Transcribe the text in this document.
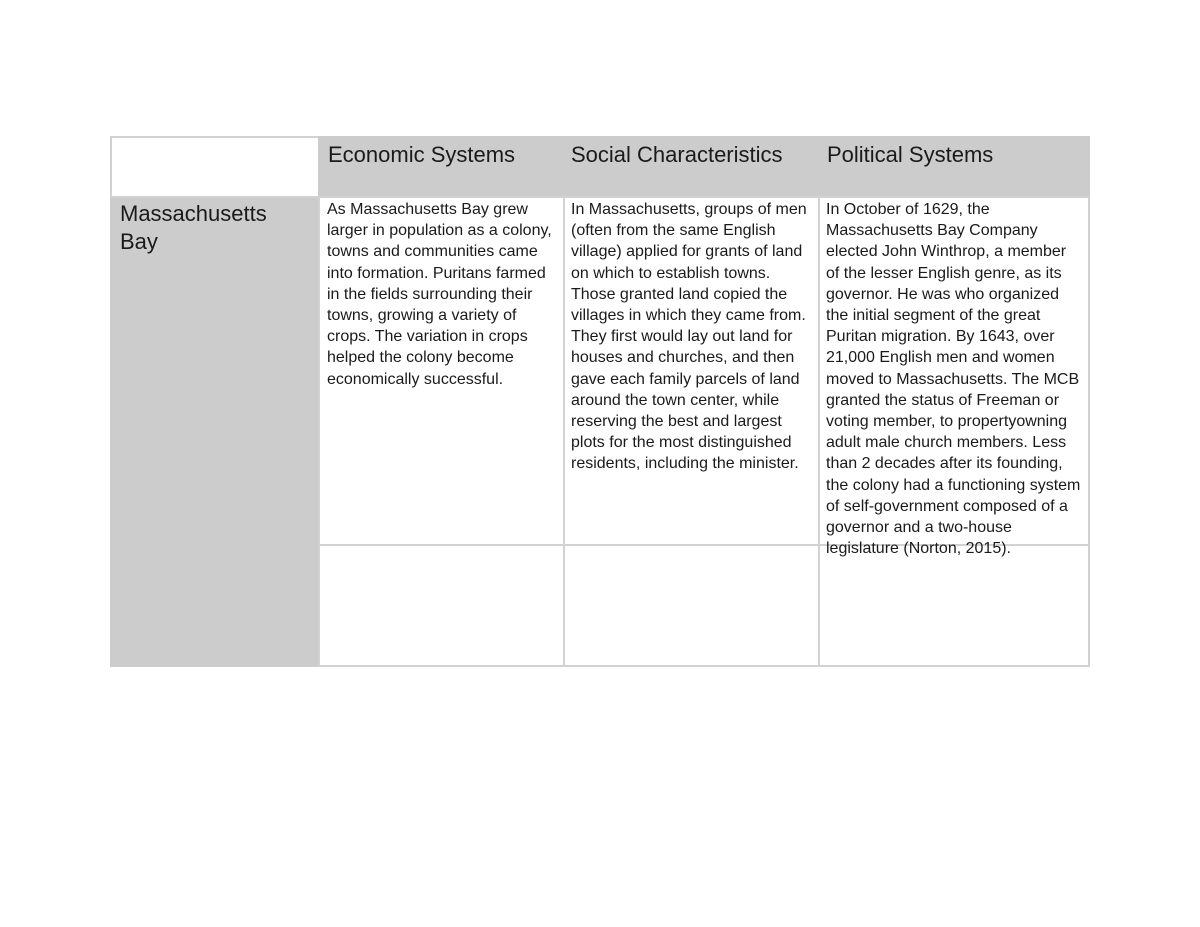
Economic Systems	Social Characteristics Political Systems
Massachusetts Bay
As Massachusetts Bay grew larger in population as a colony, towns and communities came into formation. Puritans farmed in the fields surrounding their towns, growing a variety of crops. The variation in crops helped the colony become economically successful.
In Massachusetts, groups of men (often from the same English village) applied for grants of land on which to establish towns. Those granted land copied the villages in which they came from. They first would lay out land for houses and churches, and then gave each family parcels of land around the town center, while reserving the best and largest plots for the most distinguished residents, including the minister.
In October of 1629, the Massachusetts Bay Company elected John Winthrop, a member of the lesser English genre, as its governor. He was who organized the initial segment of the great Puritan migration. By 1643, over 21,000 English men and women moved to Massachusetts. The MCB granted the status of Freeman or voting member, to propertyowning adult male church members. Less than 2 decades after its founding, the colony had a functioning system of self-government composed of a governor and a two-house legislature (Norton, 2015).
